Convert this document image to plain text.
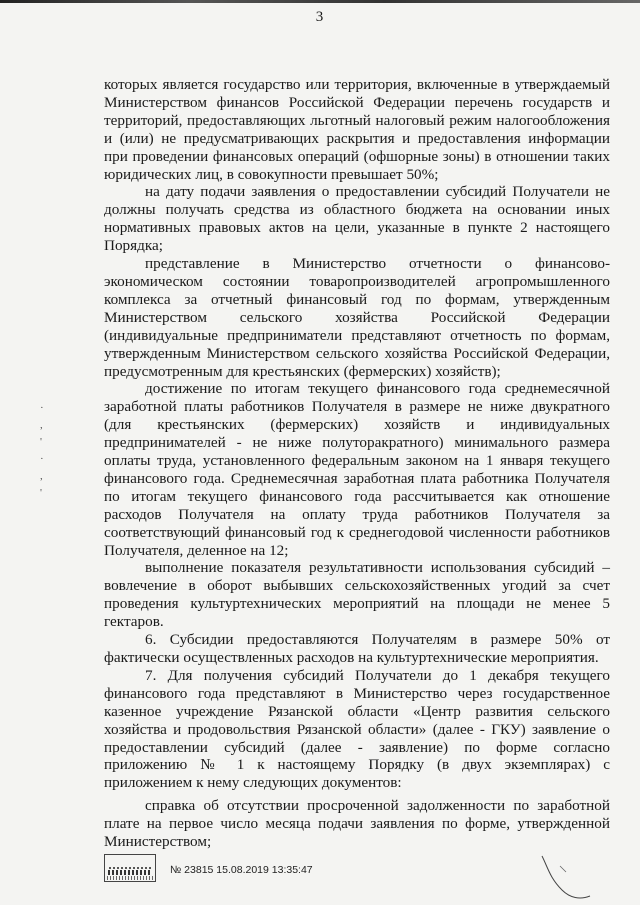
3

которых является государство или территория, включенные в утверждаемый Министерством финансов Российской Федерации перечень государств и территорий, предоставляющих льготный налоговый режим налогообложения и (или) не предусматривающих раскрытия и предоставления информации при проведении финансовых операций (офшорные зоны) в отношении таких юридических лиц, в совокупности превышает 50%;

на дату подачи заявления о предоставлении субсидий Получатели не должны получать средства из областного бюджета на основании иных нормативных правовых актов на цели, указанные в пункте 2 настоящего Порядка;

представление в Министерство отчетности о финансово-экономическом состоянии товаропроизводителей агропромышленного комплекса за отчетный финансовый год по формам, утвержденным Министерством сельского хозяйства Российской Федерации (индивидуальные предприниматели представляют отчетность по формам, утвержденным Министерством сельского хозяйства Российской Федерации, предусмотренным для крестьянских (фермерских) хозяйств);

достижение по итогам текущего финансового года среднемесячной заработной платы работников Получателя в размере не ниже двукратного (для крестьянских (фермерских) хозяйств и индивидуальных предпринимателей - не ниже полуторакратного) минимального размера оплаты труда, установленного федеральным законом на 1 января текущего финансового года. Среднемесячная заработная плата работника Получателя по итогам текущего финансового года рассчитывается как отношение расходов Получателя на оплату труда работников Получателя за соответствующий финансовый год к среднегодовой численности работников Получателя, деленное на 12;

выполнение показателя результативности использования субсидий – вовлечение в оборот выбывших сельскохозяйственных угодий за счет проведения культуртехнических мероприятий на площади не менее 5 гектаров.

6. Субсидии предоставляются Получателям в размере 50% от фактически осуществленных расходов на культуртехнические мероприятия.

7. Для получения субсидий Получатели до 1 декабря текущего финансового года представляют в Министерство через государственное казенное учреждение Рязанской области «Центр развития сельского хозяйства и продовольствия Рязанской области» (далее - ГКУ) заявление о предоставлении субсидий (далее - заявление) по форме согласно приложению № 1 к настоящему Порядку (в двух экземплярах) с приложением к нему следующих документов:

справка об отсутствии просроченной задолженности по заработной плате на первое число месяца подачи заявления по форме, утвержденной Министерством;

·
,
'
·
,
'
№ 23815 15.08.2019 13:35:47
